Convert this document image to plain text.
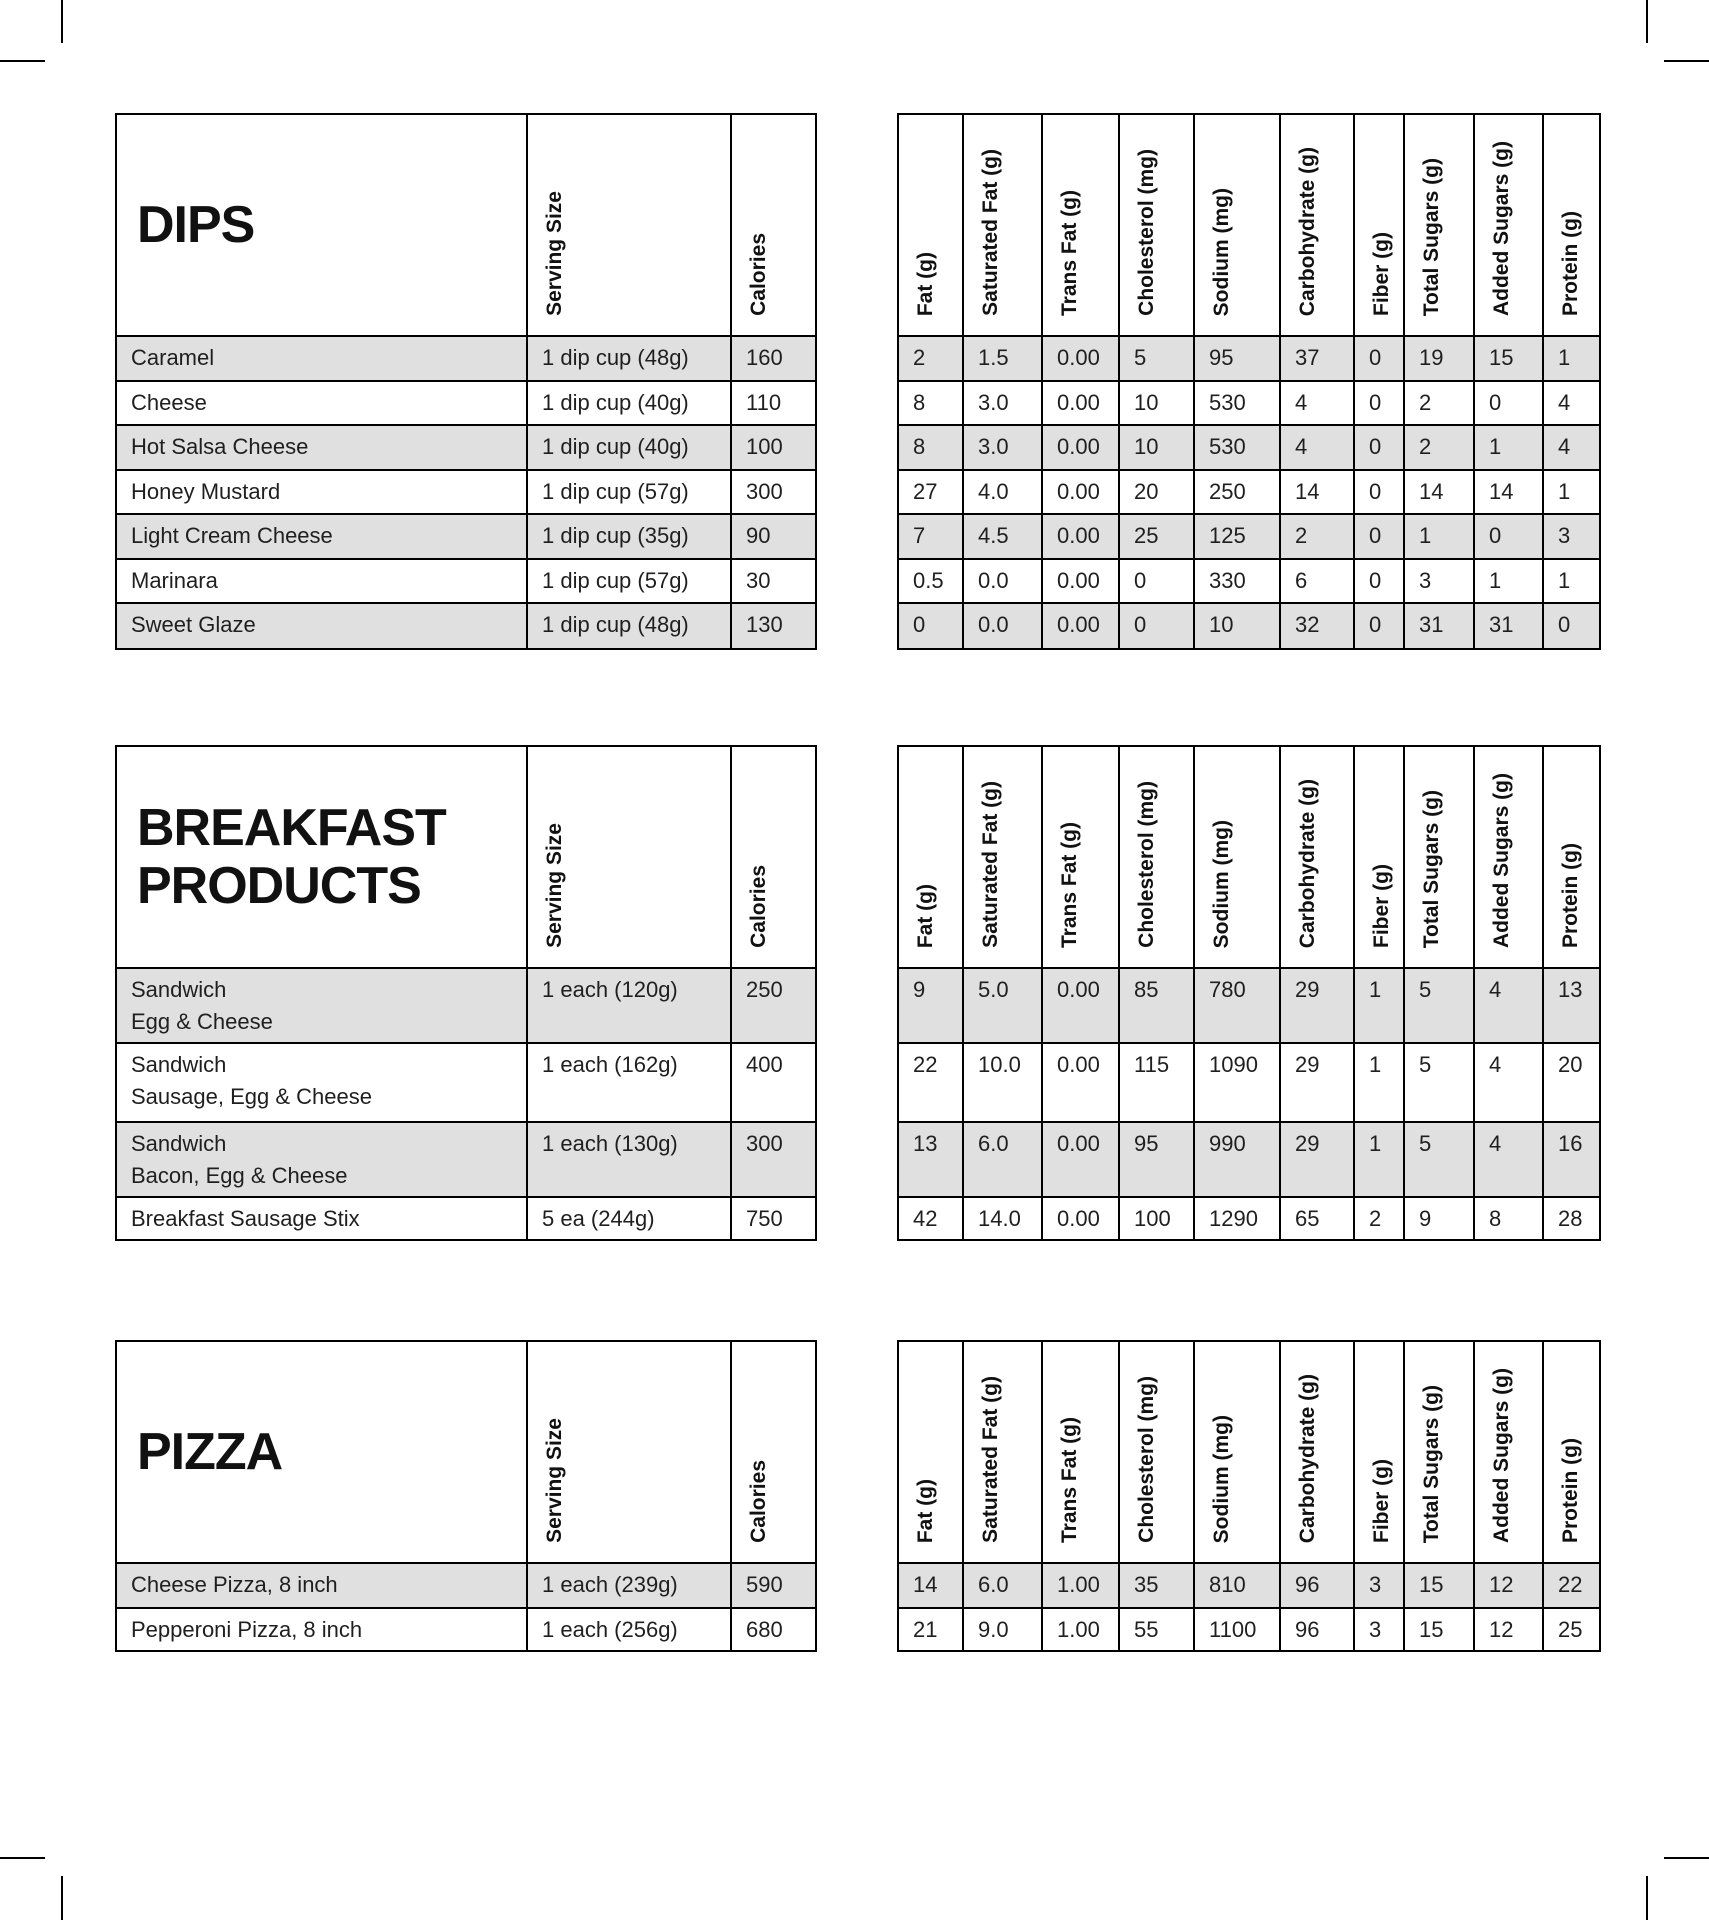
DIPS	Serving Size	Calories

Caramel	1 dip cup (48g)	160

Cheese	1 dip cup (40g)	110

Hot Salsa Cheese	1 dip cup (40g)	100

Honey Mustard	1 dip cup (57g)	300

Light Cream Cheese	1 dip cup (35g)	90

Marinara	1 dip cup (57g)	30

Sweet Glaze	1 dip cup (48g)	130
Fat (g)	Saturated Fat (g)	Trans Fat (g)	Cholesterol (mg)	Sodium (mg)	Carbohydrate (g)	Fiber (g)	Total Sugars (g)	Added Sugars (g)	Protein (g)
2	1.5	0.00	5	95	37	0	19	15	1
8	3.0	0.00	10	530	4	0	2	0	4
8	3.0	0.00	10	530	4	0	2	1	4
27	4.0	0.00	20	250	14	0	14	14	1
7	4.5	0.00	25	125	2	0	1	0	3
0.5	0.0	0.00	0	330	6	0	3	1	1
0	0.0	0.00	0	10	32	0	31	31	0
BREAKFAST
PRODUCTS	Serving Size	Calories

Sandwich
Egg & Cheese	1 each (120g)	250

Sandwich
Sausage, Egg & Cheese	1 each (162g)	400

Sandwich
Bacon, Egg & Cheese	1 each (130g)	300

Breakfast Sausage Stix	5 ea (244g)	750
Fat (g)	Saturated Fat (g)	Trans Fat (g)	Cholesterol (mg)	Sodium (mg)	Carbohydrate (g)	Fiber (g)	Total Sugars (g)	Added Sugars (g)	Protein (g)
9	5.0	0.00	85	780	29	1	5	4	13
22	10.0	0.00	115	1090	29	1	5	4	20
13	6.0	0.00	95	990	29	1	5	4	16
42	14.0	0.00	100	1290	65	2	9	8	28
PIZZA	Serving Size	Calories

Cheese Pizza, 8 inch	1 each (239g)	590

Pepperoni Pizza, 8 inch	1 each (256g)	680
Fat (g)	Saturated Fat (g)	Trans Fat (g)	Cholesterol (mg)	Sodium (mg)	Carbohydrate (g)	Fiber (g)	Total Sugars (g)	Added Sugars (g)	Protein (g)
14	6.0	1.00	35	810	96	3	15	12	22
21	9.0	1.00	55	1100	96	3	15	12	25
